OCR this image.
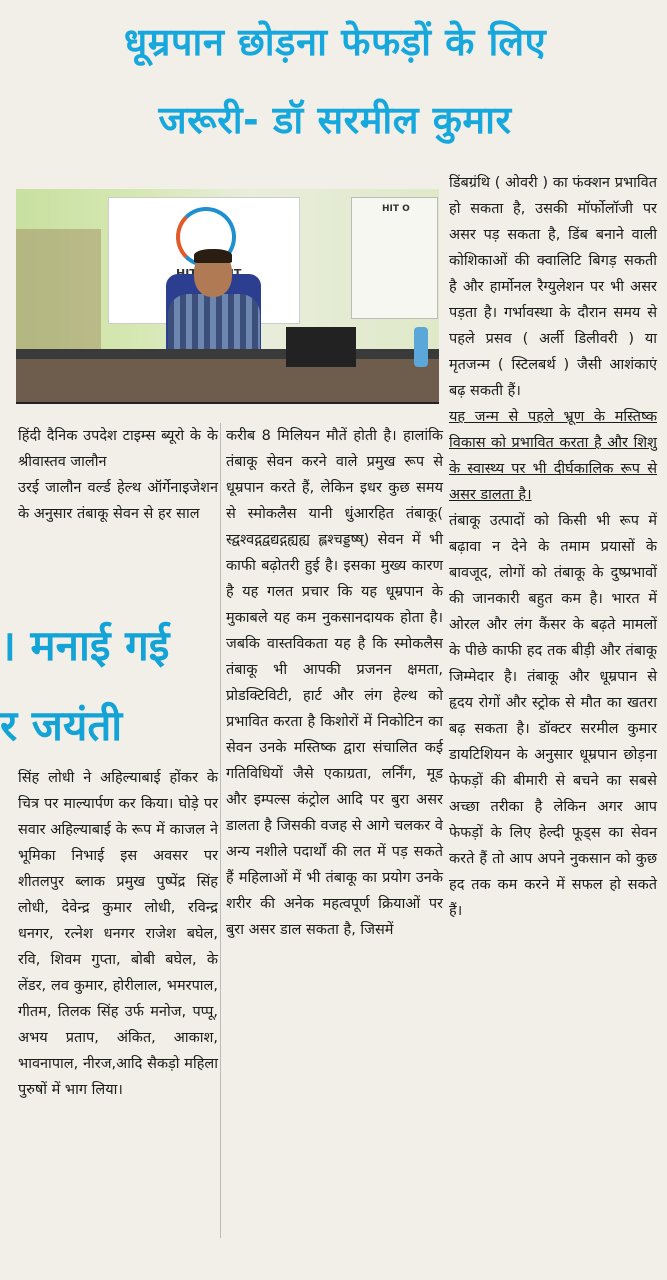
धूम्रपान छोड़ना फेफड़ों के लिए
जरूरी- डॉ सरमील कुमार
HIT O

हिंदी दैनिक उपदेश टाइम्स ब्यूरो के के श्रीवास्तव जालौन

उरई जालौन वर्ल्ड हेल्थ ऑर्गेनाइजेशन के अनुसार तंबाकू सेवन से हर साल

करीब 8 मिलियन मौतें होती है। हालांकि तंबाकू सेवन करने वाले प्रमुख रूप से धूम्रपान करते हैं, लेकिन इधर कुछ समय से स्मोकलैस यानी धुंआरहित तंबाकू( स्द्वश्वद्गद्वद्यद्गह्यह्य ह्लश्चड्डष्ष्) सेवन में भी काफी बढ़ोतरी हुई है। इसका मुख्य कारण है यह गलत प्रचार कि यह धूम्रपान के मुकाबले यह कम नुकसानदायक होता है। जबकि वास्तविकता यह है कि स्मोकलैस तंबाकू भी आपकी प्रजनन क्षमता, प्रोडक्टिविटी, हार्ट और लंग हेल्थ को प्रभावित करता है किशोरों में निकोटिन का सेवन उनके मस्तिष्क द्वारा संचालित कई गतिविधियों जैसे एकाग्रता, लर्निंग, मूड और इम्पल्स कंट्रोल आदि पर बुरा असर डालता है जिसकी वजह से आगे चलकर वे अन्य नशीले पदार्थों की लत में पड़ सकते हैं महिलाओं में भी तंबाकू का प्रयोग उनके शरीर की अनेक महत्वपूर्ण क्रियाओं पर बुरा असर डाल सकता है, जिसमें

डिंबग्रंथि ( ओवरी ) का फंक्शन प्रभावित हो सकता है, उसकी मॉर्फोलॉजी पर असर पड़ सकता है, डिंब बनाने वाली कोशिकाओं की क्वालिटि बिगड़ सकती है और हार्मोनल रैग्युलेशन पर भी असर पड़ता है। गर्भावस्था के दौरान समय से पहले प्रसव ( अर्ली डिलीवरी ) या मृतजन्म ( स्टिलबर्थ ) जैसी आशंकाएं बढ़ सकती हैं।

यह जन्म से पहले भ्रूण के मस्तिष्क विकास को प्रभावित करता है और शिशु के स्वास्थ्य पर भी दीर्घकालिक रूप से असर डालता है।

तंबाकू उत्पादों को किसी भी रूप में बढ़ावा न देने के तमाम प्रयासों के बावजूद, लोगों को तंबाकू के दुष्प्रभावों की जानकारी बहुत कम है। भारत में ओरल और लंग कैंसर के बढ़ते मामलों के पीछे काफी हद तक बीड़ी और तंबाकू जिम्मेदार है। तंबाकू और धूम्रपान से हृदय रोगों और स्ट्रोक से मौत का खतरा बढ़ सकता है। डॉक्टर सरमील कुमार डायटिशियन के अनुसार धूम्रपान छोड़ना फेफड़ों की बीमारी से बचने का सबसे अच्छा तरीका है लेकिन अगर आप फेफड़ों के लिए हेल्दी फूड्स का सेवन करते हैं तो आप अपने नुकसान को कुछ हद तक कम करने में सफल हो सकते हैं।

। मनाई गई
र जयंती

सिंह लोधी ने अहिल्याबाई होंकर के चित्र पर माल्यार्पण कर किया। घोड़े पर सवार अहिल्याबाई के रूप में काजल ने भूमिका निभाई इस अवसर पर शीतलपुर ब्लाक प्रमुख पुष्पेंद्र सिंह लोधी, देवेन्द्र कुमार लोधी, रविन्द्र धनगर, रत्नेश धनगर राजेश बघेल, रवि, शिवम गुप्ता, बोबी बघेल, के लेंडर, लव कुमार, होरीलाल, भमरपाल, गीतम, तिलक सिंह उर्फ मनोज, पप्पू, अभय प्रताप, अंकित, आकाश, भावनापाल, नीरज,आदि सैकड़ो महिला पुरुषों में भाग लिया।
